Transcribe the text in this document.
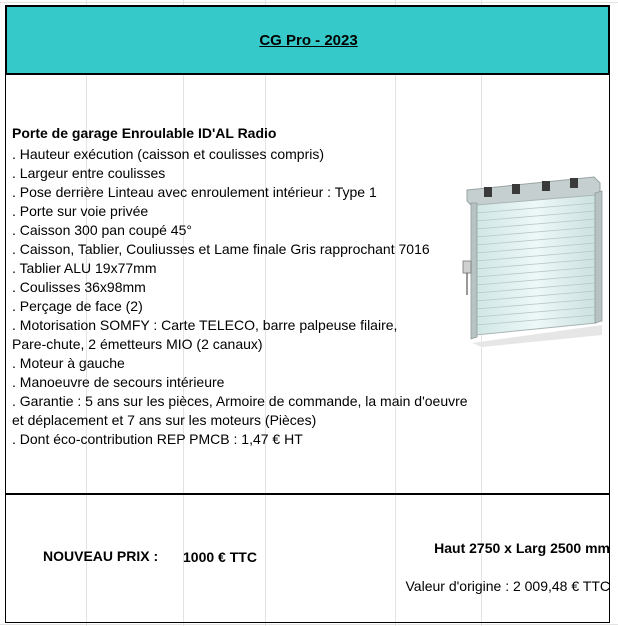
CG Pro - 2023
Porte de garage Enroulable ID'AL Radio
. Hauteur exécution (caisson et coulisses compris)
. Largeur entre coulisses
. Pose derrière Linteau avec enroulement intérieur : Type 1
. Porte sur voie privée
. Caisson 300 pan coupé 45°
. Caisson, Tablier, Couliusses et Lame finale Gris rapprochant 7016
. Tablier ALU 19x77mm
. Coulisses 36x98mm
. Perçage de face (2)
. Motorisation SOMFY : Carte TELECO, barre palpeuse filaire,
Pare-chute, 2 émetteurs MIO (2 canaux)
. Moteur à gauche
. Manoeuvre de secours intérieure
. Garantie : 5 ans sur les pièces, Armoire de commande, la main d'oeuvre
et déplacement et 7 ans sur les moteurs (Pièces)
. Dont éco-contribution REP PMCB : 1,47 € HT
NOUVEAU PRIX : 1000 € TTC
Haut 2750 x Larg 2500 mm
Valeur d'origine : 2 009,48 € TTC
